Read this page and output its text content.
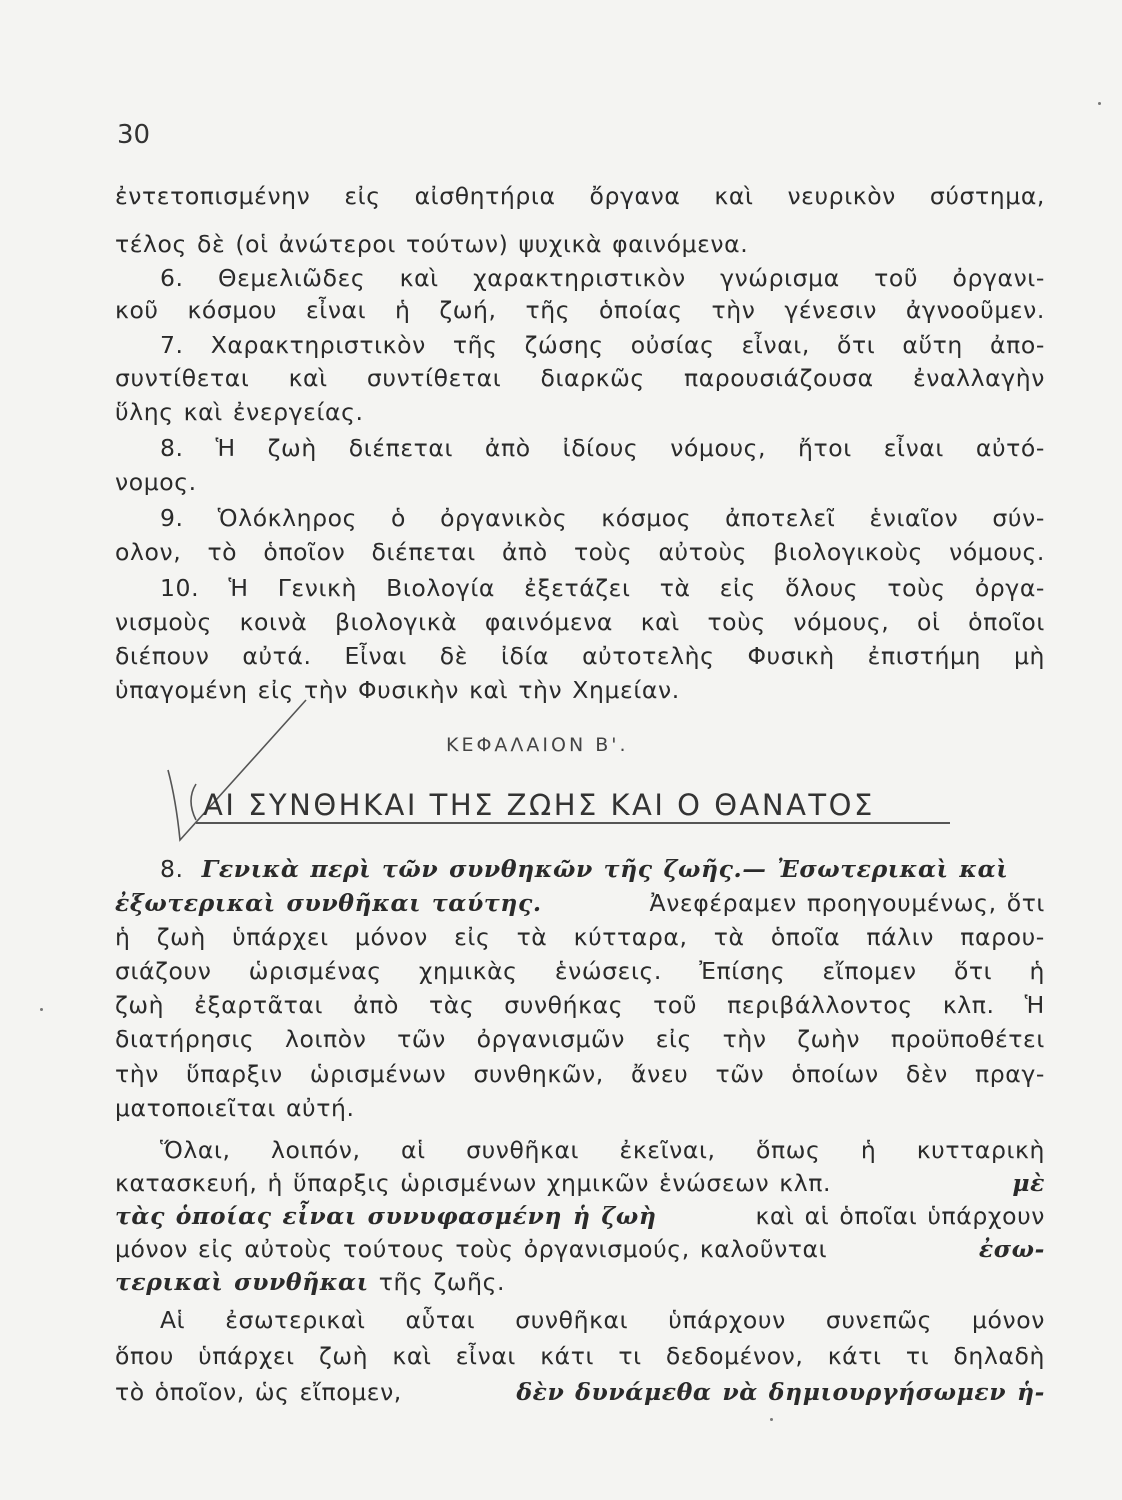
30
ἐντετοπισμένην εἰς αἰσθητήρια ὄργανα καὶ νευρικὸν σύστημα,
τέλος δὲ (οἱ ἀνώτεροι τούτων) ψυχικὰ φαινόμενα.
6. Θεμελιῶδες καὶ χαρακτηριστικὸν γνώρισμα τοῦ ὀργανι-
κοῦ κόσμου εἶναι ἡ ζωή, τῆς ὁποίας τὴν γένεσιν ἀγνοοῦμεν.
7. Χαρακτηριστικὸν τῆς ζώσης οὐσίας εἶναι, ὅτι αὕτη ἀπο-
συντίθεται καὶ συντίθεται διαρκῶς παρουσιάζουσα ἐναλλαγὴν
ὕλης καὶ ἐνεργείας.
8. Ἡ ζωὴ διέπεται ἀπὸ ἰδίους νόμους, ἤτοι εἶναι αὐτό-
νομος.
9. Ὁλόκληρος ὁ ὀργανικὸς κόσμος ἀποτελεῖ ἑνιαῖον σύν-
ολον, τὸ ὁποῖον διέπεται ἀπὸ τοὺς αὐτοὺς βιολογικοὺς νόμους.
10. Ἡ Γενικὴ Βιολογία ἐξετάζει τὰ εἰς ὅλους τοὺς ὀργα-
νισμοὺς κοινὰ βιολογικὰ φαινόμενα καὶ τοὺς νόμους, οἱ ὁποῖοι
διέπουν αὐτά. Εἶναι δὲ ἰδία αὐτοτελὴς Φυσικὴ ἐπιστήμη μὴ
ὑπαγομένη εἰς τὴν Φυσικὴν καὶ τὴν Χημείαν.
ΚΕΦΑΛΑΙΟΝ Β'.
ΑΙ ΣΥΝΘΗΚΑΙ ΤΗΣ ΖΩΗΣ ΚΑΙ Ο ΘΑΝΑΤΟΣ
8. Γενικὰ περὶ τῶν συνθηκῶν τῆς ζωῆς.— Ἐσωτερικαὶ καὶ
ἐξωτερικαὶ συνθῆκαι ταύτης.	Ἀνεφέραμεν προηγουμένως, ὅτι
ἡ ζωὴ ὑπάρχει μόνον εἰς τὰ κύτταρα, τὰ ὁποῖα πάλιν παρου-
σιάζουν ὡρισμένας χημικὰς ἑνώσεις. Ἐπίσης εἴπομεν ὅτι ἡ
ζωὴ ἐξαρτᾶται ἀπὸ τὰς συνθήκας τοῦ περιβάλλοντος κλπ. Ἡ
διατήρησις λοιπὸν τῶν ὀργανισμῶν εἰς τὴν ζωὴν προϋποθέτει
τὴν ὕπαρξιν ὡρισμένων συνθηκῶν, ἄνευ τῶν ὁποίων δὲν πραγ-
ματοποιεῖται αὐτή.
Ὅλαι, λοιπόν, αἱ συνθῆκαι ἐκεῖναι, ὅπως ἡ κυτταρικὴ
κατασκευή, ἡ ὕπαρξις ὡρισμένων χημικῶν ἑνώσεων κλπ.	μὲ
τὰς ὁποίας εἶναι συνυφασμένη ἡ ζωὴ	καὶ αἱ ὁποῖαι ὑπάρχουν
μόνον εἰς αὐτοὺς τούτους τοὺς ὀργανισμούς, καλοῦνται	ἐσω-
τερικαὶ συνθῆκαι τῆς ζωῆς.
Αἱ ἐσωτερικαὶ αὗται συνθῆκαι ὑπάρχουν συνεπῶς μόνον
ὅπου ὑπάρχει ζωὴ καὶ εἶναι κάτι τι δεδομένον, κάτι τι δηλαδὴ
τὸ ὁποῖον, ὡς εἴπομεν,	δὲν δυνάμεθα νὰ δημιουργήσωμεν ἡ-
